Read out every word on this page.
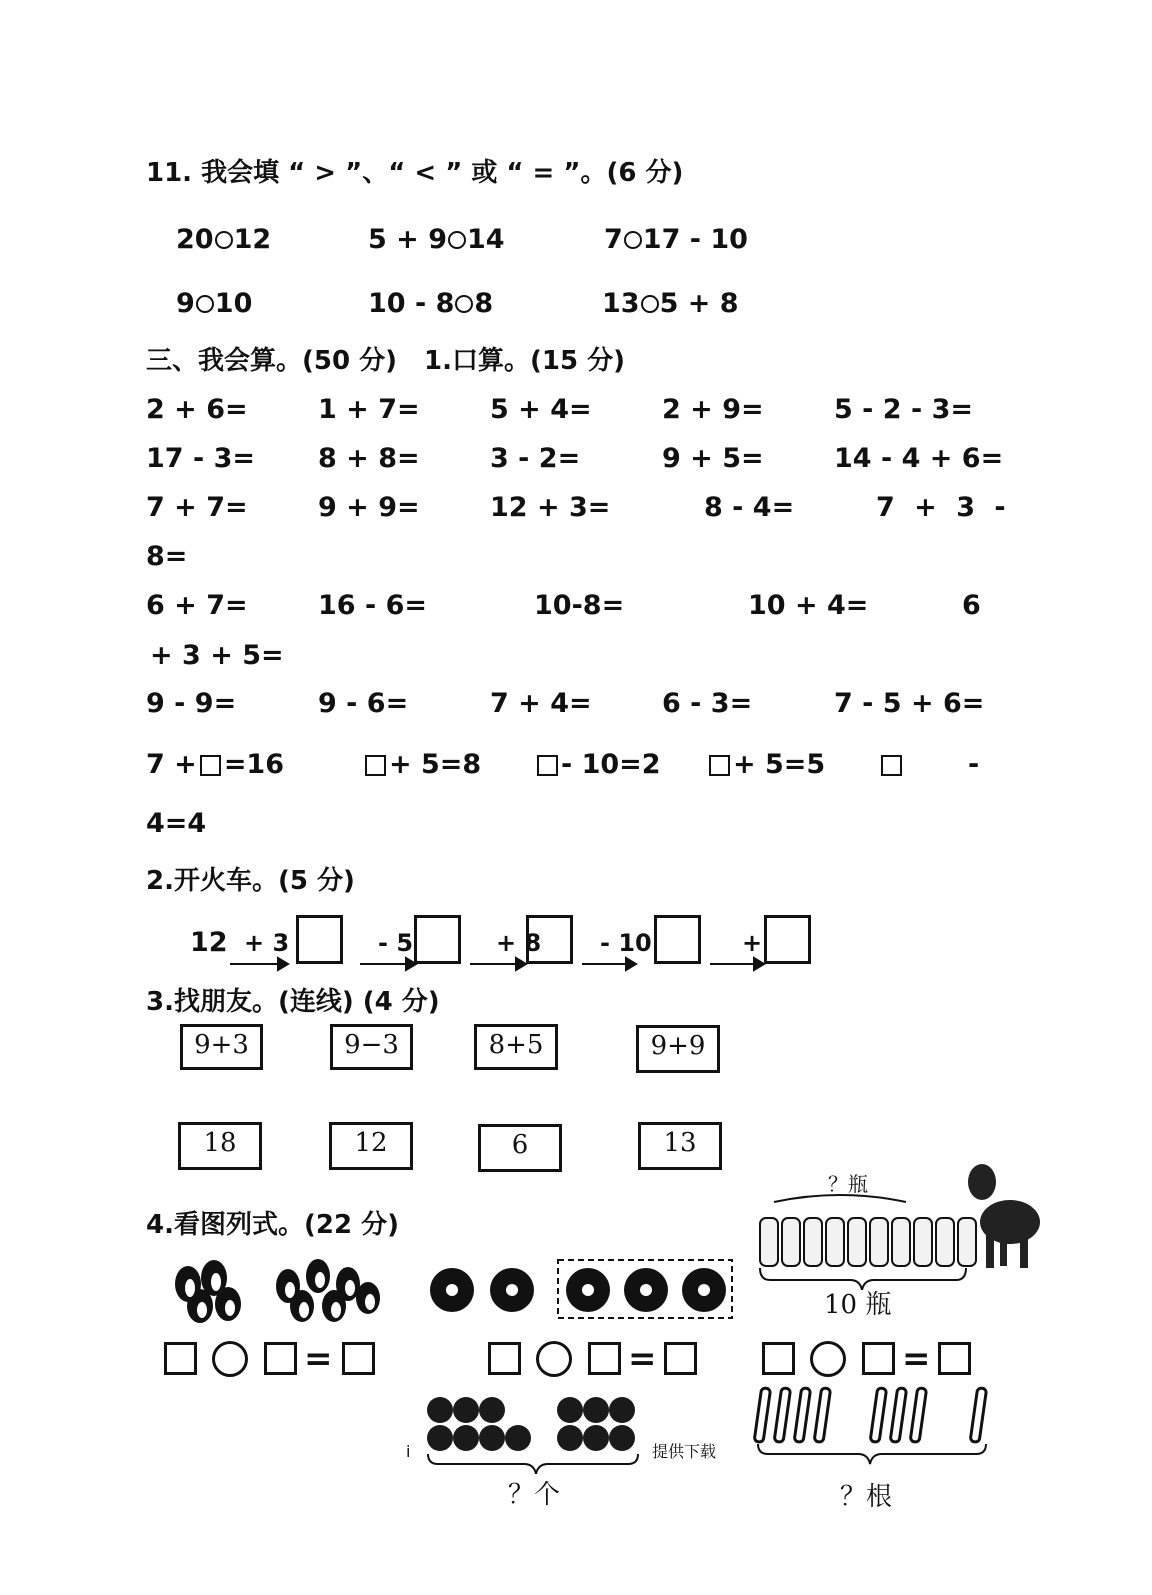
11. 我会填 “ > ”、“ < ” 或 “ = ”。(6 分)
20 12	5 + 9 14	7 17 - 10
9 10	10 - 8 8	13 5 + 8
三、我会算。(50 分) 1.口算。(15 分)
2 + 6=	1 + 7=	5 + 4=	2 + 9=	5 - 2 - 3=
17 - 3= 8 + 8=	3 - 2=	9 + 5=	14 - 4 + 6=
7 + 7=	9 + 9=	12 + 3=	8 - 4=	7 + 3 -
8=
6 + 7=	16 - 6=	10-8=	10 + 4=	6
+ 3 + 5=
9 - 9=	9 - 6=	7 + 4=	6 - 3=	7 - 5 + 6=
7 + =16	+ 5=8	- 10=2	+ 5=5	-
4=4
2.开火车。(5 分)
12 + 3	- 5	+ 8 - 10	+
3.找朋友。(连线) (4 分)
9+3	9−3	8+5	9+9
18	12	6	13
4.看图列式。(22 分)
？瓶
10 瓶
=	=	=
i	提供下载
？个	？根
